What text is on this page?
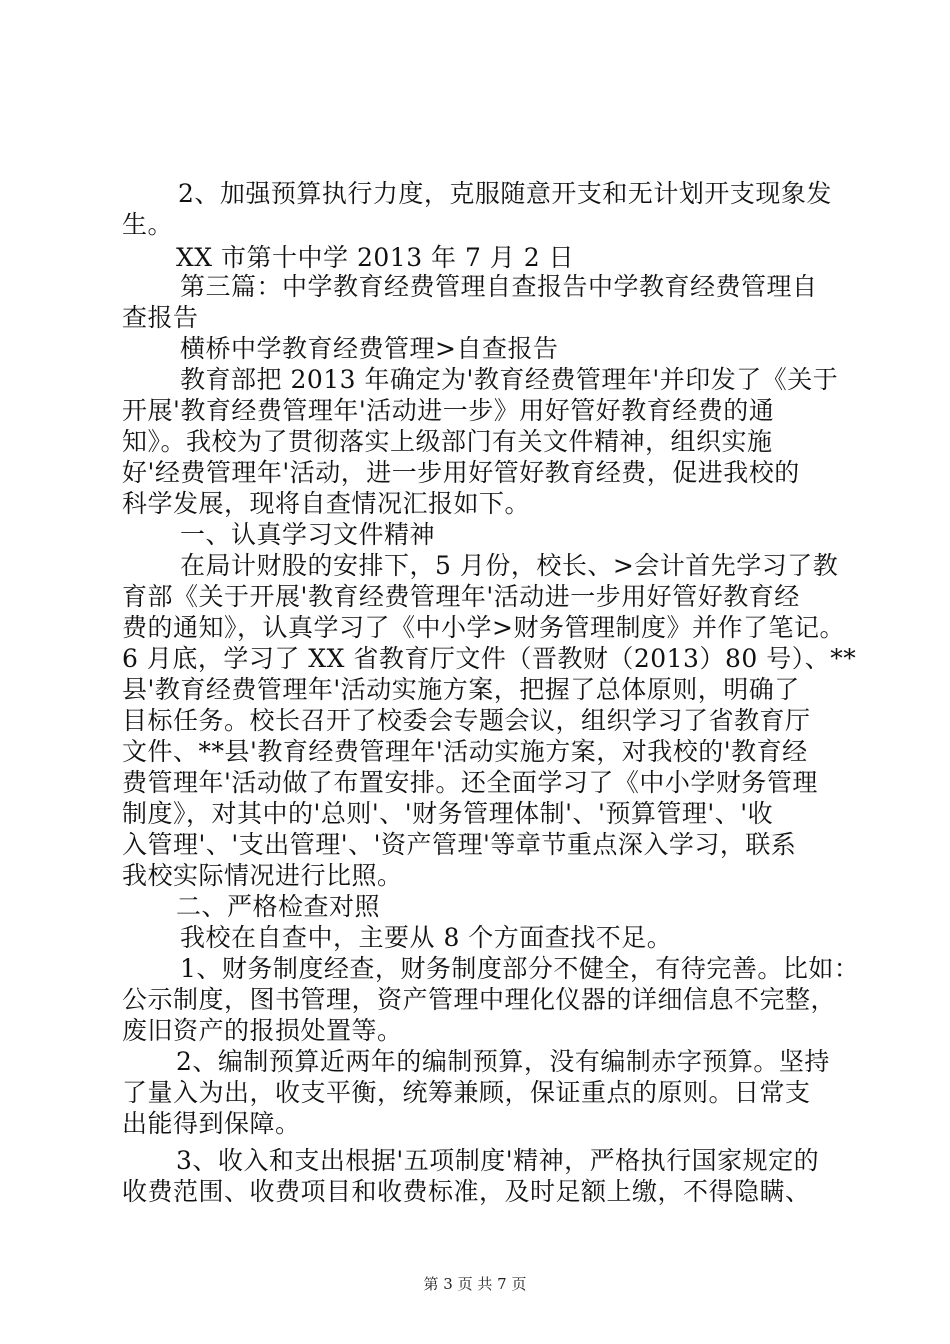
2、加强预算执行力度，克服随意开支和无计划开支现象发
生。
XX 市第十中学 2013 年 7 月 2 日
第三篇：中学教育经费管理自查报告中学教育经费管理自
查报告
横桥中学教育经费管理>自查报告
教育部把 2013 年确定为'教育经费管理年'并印发了《关于
开展'教育经费管理年'活动进一步》用好管好教育经费的通
知》。我校为了贯彻落实上级部门有关文件精神，组织实施
好'经费管理年'活动，进一步用好管好教育经费，促进我校的
科学发展，现将自查情况汇报如下。
一、认真学习文件精神
在局计财股的安排下，5 月份，校长、>会计首先学习了教
育部《关于开展'教育经费管理年'活动进一步用好管好教育经
费的通知》，认真学习了《中小学>财务管理制度》并作了笔记。
6 月底，学习了 XX 省教育厅文件（晋教财（2013）80 号）、**
县'教育经费管理年'活动实施方案，把握了总体原则，明确了
目标任务。校长召开了校委会专题会议，组织学习了省教育厅
文件、**县'教育经费管理年'活动实施方案，对我校的'教育经
费管理年'活动做了布置安排。还全面学习了《中小学财务管理
制度》，对其中的'总则'、'财务管理体制'、'预算管理'、'收
入管理'、'支出管理'、'资产管理'等章节重点深入学习，联系
我校实际情况进行比照。
二、严格检查对照
我校在自查中，主要从 8 个方面查找不足。
1、财务制度经查，财务制度部分不健全，有待完善。比如：
公示制度，图书管理，资产管理中理化仪器的详细信息不完整，
废旧资产的报损处置等。
2、编制预算近两年的编制预算，没有编制赤字预算。坚持
了量入为出，收支平衡，统筹兼顾，保证重点的原则。日常支
出能得到保障。
3、收入和支出根据'五项制度'精神，严格执行国家规定的
收费范围、收费项目和收费标准，及时足额上缴，不得隐瞒、
第 3 页 共 7 页
